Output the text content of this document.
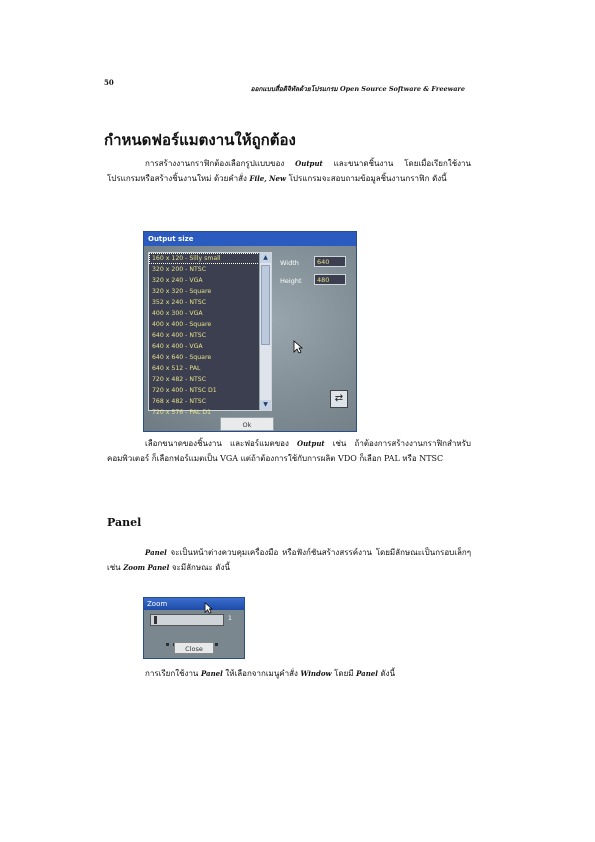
50
ออกแบบสื่อดิจิทัลด้วยโปรแกรม Open Source Software & Freeware
กำหนดฟอร์แมตงานให้ถูกต้อง

การสร้างงานกราฟิกต้องเลือกรูปแบบของ Output และขนาดชิ้นงาน โดยเมื่อเรียกใช้งานโปรแกรมหรือสร้างชิ้นงานใหม่ ด้วยคำสั่ง File, New โปรแกรมจะสอบถามข้อมูลชิ้นงานกราฟิก ดังนี้

Output size
160 x 120 - Silly small
320 x 200 - NTSC
320 x 240 - VGA
320 x 320 - Square
352 x 240 - NTSC
400 x 300 - VGA
400 x 400 - Square
640 x 400 - NTSC
640 x 400 - VGA
640 x 640 - Square
640 x 512 - PAL
720 x 482 - NTSC
720 x 400 - NTSC D1
768 x 482 - NTSC
720 x 576 - PAL D1
▲
▼
Width	640
Height	480
⇄
Ok

เลือกขนาดของชิ้นงาน และฟอร์แมตของ Output เช่น ถ้าต้องการสร้างงานกราฟิกสำหรับคอมพิวเตอร์ ก็เลือกฟอร์แมตเป็น VGA แต่ถ้าต้องการใช้กับการผลิต VDO ก็เลือก PAL หรือ NTSC

Panel

Panel จะเป็นหน้าต่างควบคุมเครื่องมือ หรือฟังก์ชันสร้างสรรค์งาน โดยมีลักษณะเป็นกรอบเล็กๆ เช่น Zoom Panel จะมีลักษณะ ดังนี้

Zoom
1
Close

การเรียกใช้งาน Panel ให้เลือกจากเมนูคำสั่ง Window โดยมี Panel ดังนี้
